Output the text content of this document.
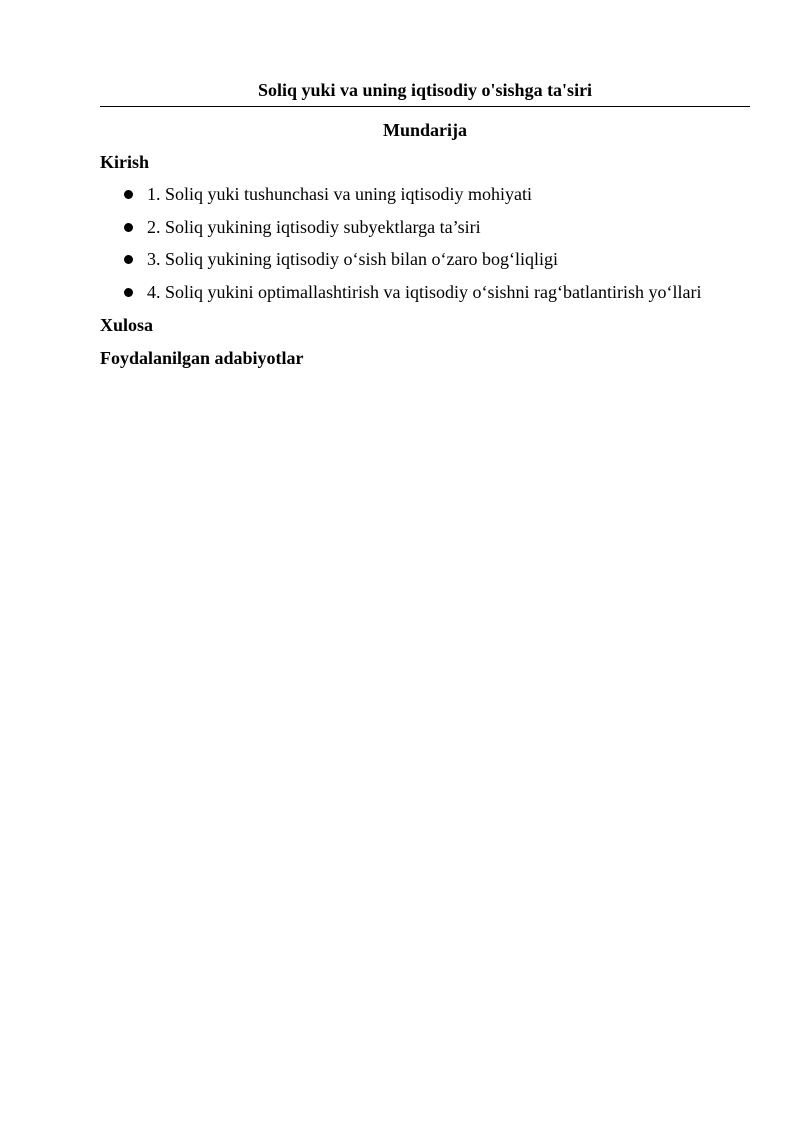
Soliq yuki va uning iqtisodiy o'sishga ta'siri
Mundarija
Kirish
1. Soliq yuki tushunchasi va uning iqtisodiy mohiyati
2. Soliq yukining iqtisodiy subyektlarga ta’siri
3. Soliq yukining iqtisodiy o‘sish bilan o‘zaro bog‘liqligi
4. Soliq yukini optimallashtirish va iqtisodiy o‘sishni rag‘batlantirish yo‘llari
Xulosa
Foydalanilgan adabiyotlar
